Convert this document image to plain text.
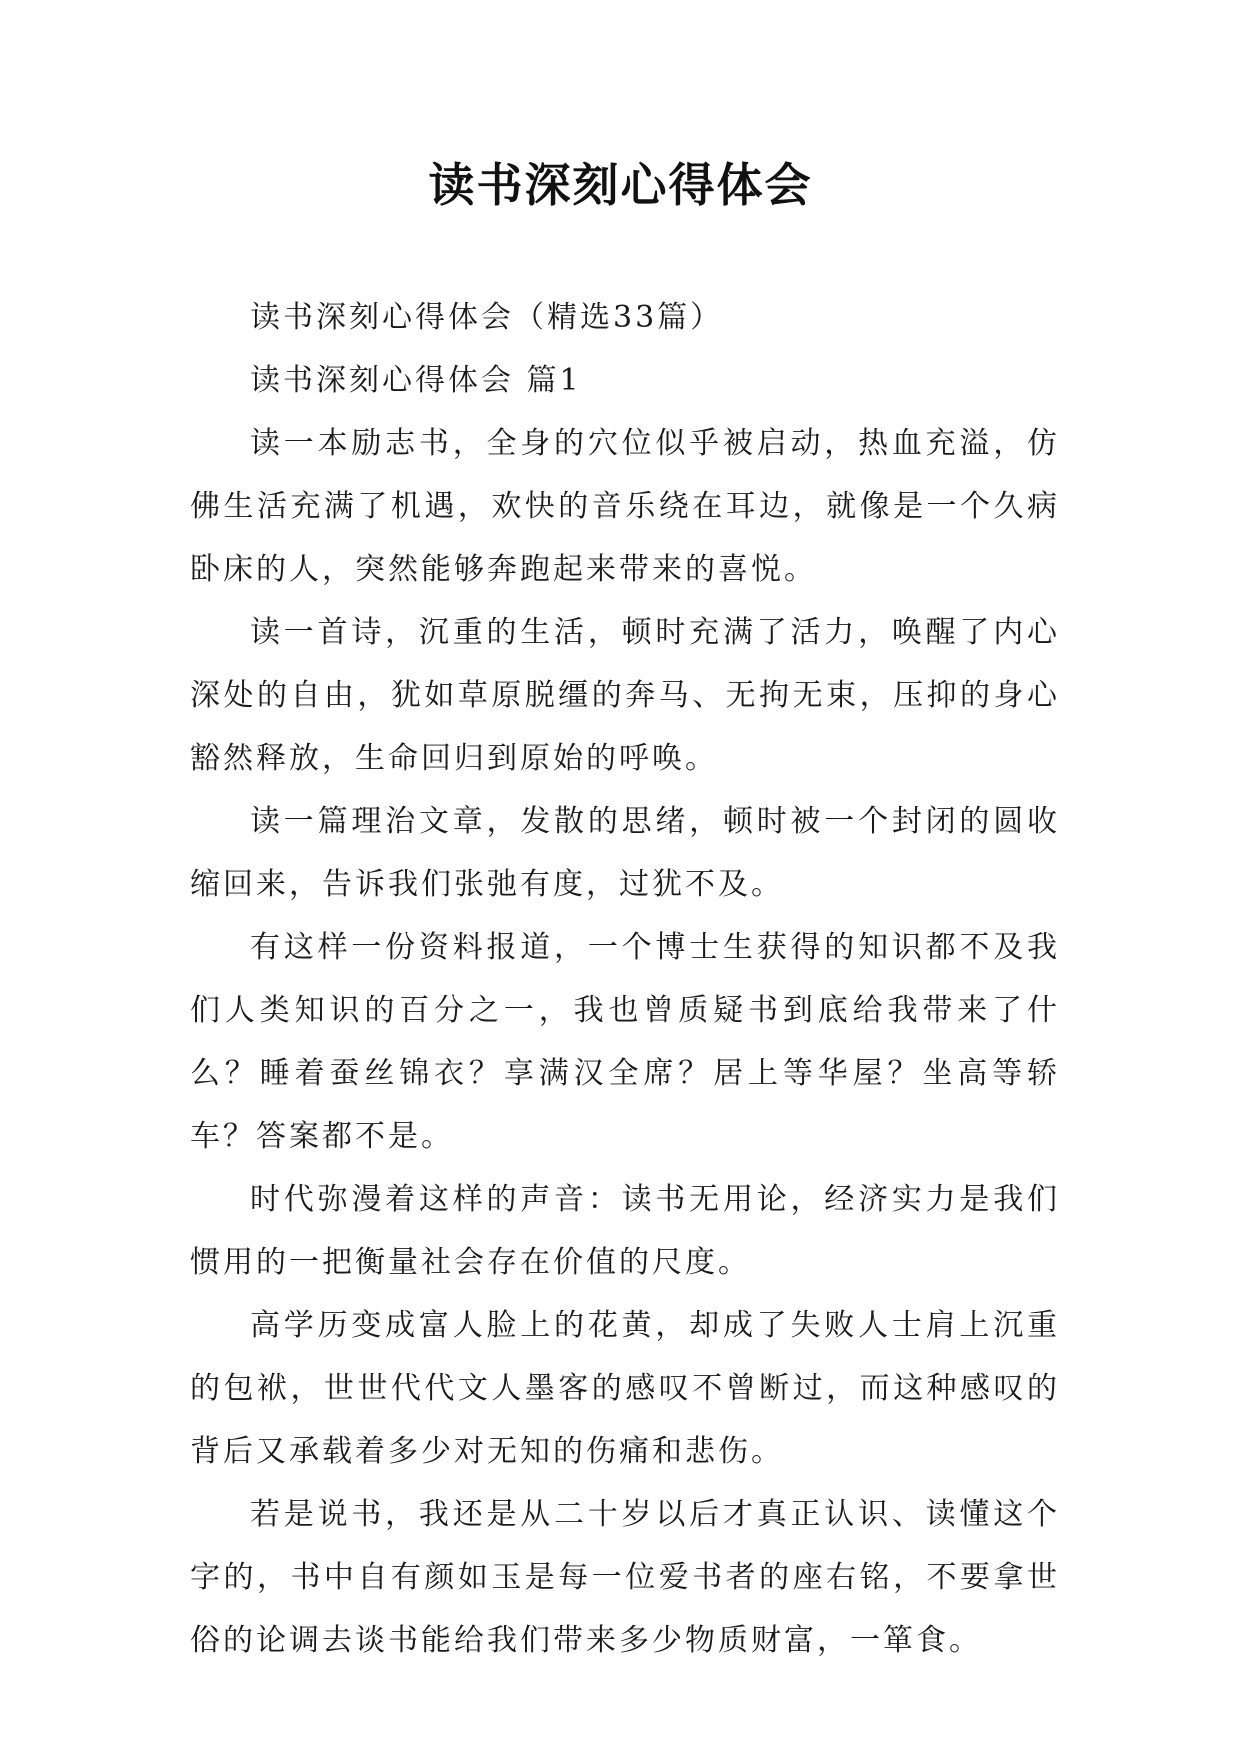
读书深刻心得体会

读书深刻心得体会（精选33篇）

读书深刻心得体会 篇1

读一本励志书，全身的穴位似乎被启动，热血充溢，仿佛生活充满了机遇，欢快的音乐绕在耳边，就像是一个久病卧床的人，突然能够奔跑起来带来的喜悦。

读一首诗，沉重的生活，顿时充满了活力，唤醒了内心深处的自由，犹如草原脱缰的奔马、无拘无束，压抑的身心豁然释放，生命回归到原始的呼唤。

读一篇理治文章，发散的思绪，顿时被一个封闭的圆收缩回来，告诉我们张弛有度，过犹不及。

有这样一份资料报道，一个博士生获得的知识都不及我们人类知识的百分之一，我也曾质疑书到底给我带来了什么？睡着蚕丝锦衣？享满汉全席？居上等华屋？坐高等轿车？答案都不是。

时代弥漫着这样的声音：读书无用论，经济实力是我们惯用的一把衡量社会存在价值的尺度。

高学历变成富人脸上的花黄，却成了失败人士肩上沉重的包袱，世世代代文人墨客的感叹不曾断过，而这种感叹的背后又承载着多少对无知的伤痛和悲伤。

若是说书，我还是从二十岁以后才真正认识、读懂这个字的，书中自有颜如玉是每一位爱书者的座右铭，不要拿世俗的论调去谈书能给我们带来多少物质财富，一箪食。
